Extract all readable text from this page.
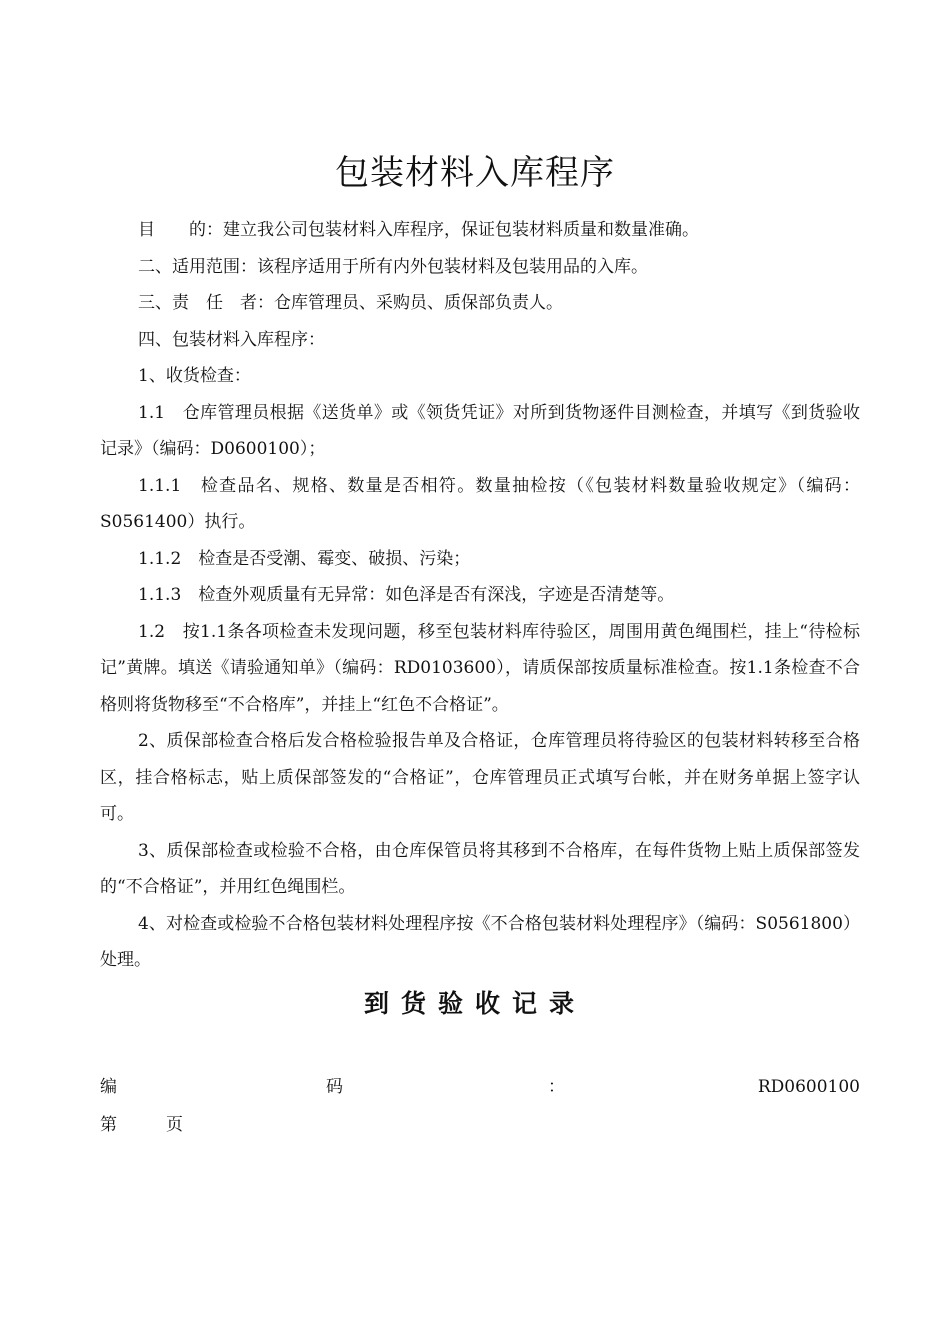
包装材料入库程序

目　　的：建立我公司包装材料入库程序，保证包装材料质量和数量准确。

二、适用范围：该程序适用于所有内外包装材料及包装用品的入库。

三、责　任　者：仓库管理员、采购员、质保部负责人。

四、包装材料入库程序：

1、收货检查：

1.1　仓库管理员根据《送货单》或《领货凭证》对所到货物逐件目测检查，并填写《到货验收记录》（编码：D0600100）；

1.1.1　检查品名、规格、数量是否相符。数量抽检按（《包装材料数量验收规定》（编码：S0561400）执行。

1.1.2　检查是否受潮、霉变、破损、污染；

1.1.3　检查外观质量有无异常：如色泽是否有深浅，字迹是否清楚等。

1.2　按1.1条各项检查未发现问题，移至包装材料库待验区，周围用黄色绳围栏，挂上“待检标记”黄牌。填送《请验通知单》（编码：RD0103600），请质保部按质量标准检查。按1.1条检查不合格则将货物移至“不合格库”，并挂上“红色不合格证”。

2、质保部检查合格后发合格检验报告单及合格证，仓库管理员将待验区的包装材料转移至合格区，挂合格标志，贴上质保部签发的“合格证”，仓库管理员正式填写台帐，并在财务单据上签字认可。

3、质保部检查或检验不合格，由仓库保管员将其移到不合格库，在每件货物上贴上质保部签发的“不合格证”，并用红色绳围栏。

4、对检查或检验不合格包装材料处理程序按《不合格包装材料处理程序》（编码：S0561800）处理。

到货验收记录
编	码	：	RD0600100
第	页
